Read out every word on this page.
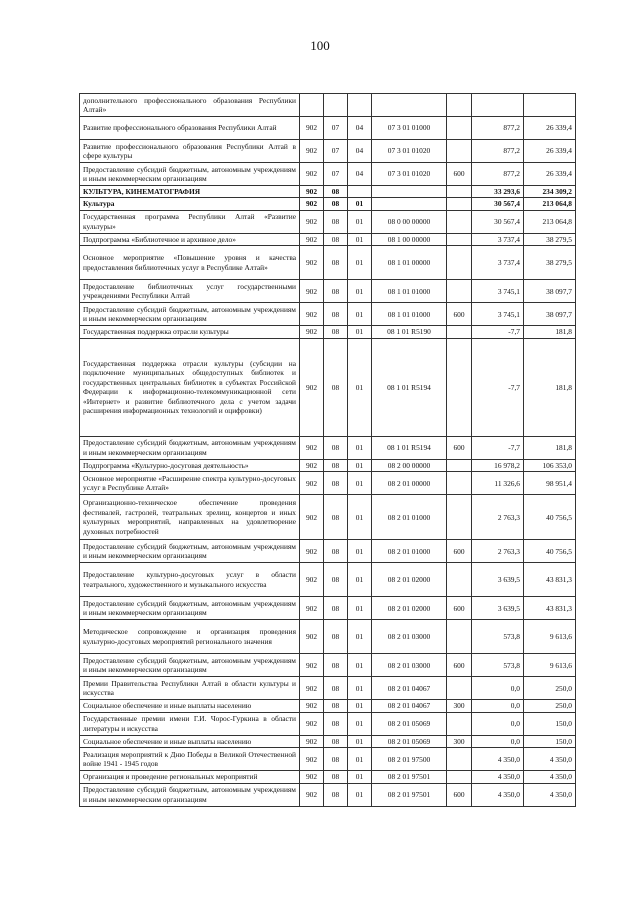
100
дополнительного профессионального образования Республики Алтай»							
Развитие профессионального образования Республики Алтай	902	07	04	07 3 01 01000		877,2	26 339,4
Развитие профессионального образования Республики Алтай в сфере культуры	902	07	04	07 3 01 01020		877,2	26 339,4
Предоставление субсидий бюджетным, автономным учреждениям и иным некоммерческим организациям	902	07	04	07 3 01 01020	600	877,2	26 339,4
КУЛЬТУРА, КИНЕМАТОГРАФИЯ	902	08				33 293,6	234 309,2
Культура	902	08	01			30 567,4	213 064,8
Государственная программа Республики Алтай «Развитие культуры»	902	08	01	08 0 00 00000		30 567,4	213 064,8
Подпрограмма «Библиотечное и архивное дело»	902	08	01	08 1 00 00000		3 737,4	38 279,5
Основное мероприятие «Повышение уровня и качества предоставления библиотечных услуг в Республике Алтай»	902	08	01	08 1 01 00000		3 737,4	38 279,5
Предоставление библиотечных услуг государственными учреждениями Республики Алтай	902	08	01	08 1 01 01000		3 745,1	38 097,7
Предоставление субсидий бюджетным, автономным учреждениям и иным некоммерческим организациям	902	08	01	08 1 01 01000	600	3 745,1	38 097,7
Государственная поддержка отрасли культуры	902	08	01	08 1 01 R5190		-7,7	181,8
Государственная поддержка отрасли культуры (субсидии на подключение муниципальных общедоступных библиотек и государственных центральных библиотек в субъектах Российской Федерации к информационно-телекоммуникационной сети «Интернет» и развитие библиотечного дела с учетом задачи расширения информационных технологий и оцифровки)	902	08	01	08 1 01 R5194		-7,7	181,8
Предоставление субсидий бюджетным, автономным учреждениям и иным некоммерческим организациям	902	08	01	08 1 01 R5194	600	-7,7	181,8
Подпрограмма «Культурно-досуговая деятельность»	902	08	01	08 2 00 00000		16 978,2	106 353,0
Основное мероприятие «Расширение спектра культурно-досуговых услуг в Республике Алтай»	902	08	01	08 2 01 00000		11 326,6	98 951,4
Организационно-техническое обеспечение проведения фестивалей, гастролей, театральных зрелищ, концертов и иных культурных мероприятий, направленных на удовлетворение духовных потребностей	902	08	01	08 2 01 01000		2 763,3	40 756,5
Предоставление субсидий бюджетным, автономным учреждениям и иным некоммерческим организациям	902	08	01	08 2 01 01000	600	2 763,3	40 756,5
Предоставление культурно-досуговых услуг в области театрального, художественного и музыкального искусства	902	08	01	08 2 01 02000		3 639,5	43 831,3
Предоставление субсидий бюджетным, автономным учреждениям и иным некоммерческим организациям	902	08	01	08 2 01 02000	600	3 639,5	43 831,3
Методическое сопровождение и организация проведения культурно-досуговых мероприятий регионального значения	902	08	01	08 2 01 03000		573,8	9 613,6
Предоставление субсидий бюджетным, автономным учреждениям и иным некоммерческим организациям	902	08	01	08 2 01 03000	600	573,8	9 613,6
Премии Правительства Республики Алтай в области культуры и искусства	902	08	01	08 2 01 04067		0,0	250,0
Социальное обеспечение и иные выплаты населению	902	08	01	08 2 01 04067	300	0,0	250,0
Государственные премии имени Г.И. Чорос-Гуркина в области литературы и искусства	902	08	01	08 2 01 05069		0,0	150,0
Социальное обеспечение и иные выплаты населению	902	08	01	08 2 01 05069	300	0,0	150,0
Реализация мероприятий к Дню Победы в Великой Отечественной войне 1941 - 1945 годов	902	08	01	08 2 01 97500		4 350,0	4 350,0
Организация и проведение региональных мероприятий	902	08	01	08 2 01 97501		4 350,0	4 350,0
Предоставление субсидий бюджетным, автономным учреждениям и иным некоммерческим организациям	902	08	01	08 2 01 97501	600	4 350,0	4 350,0
